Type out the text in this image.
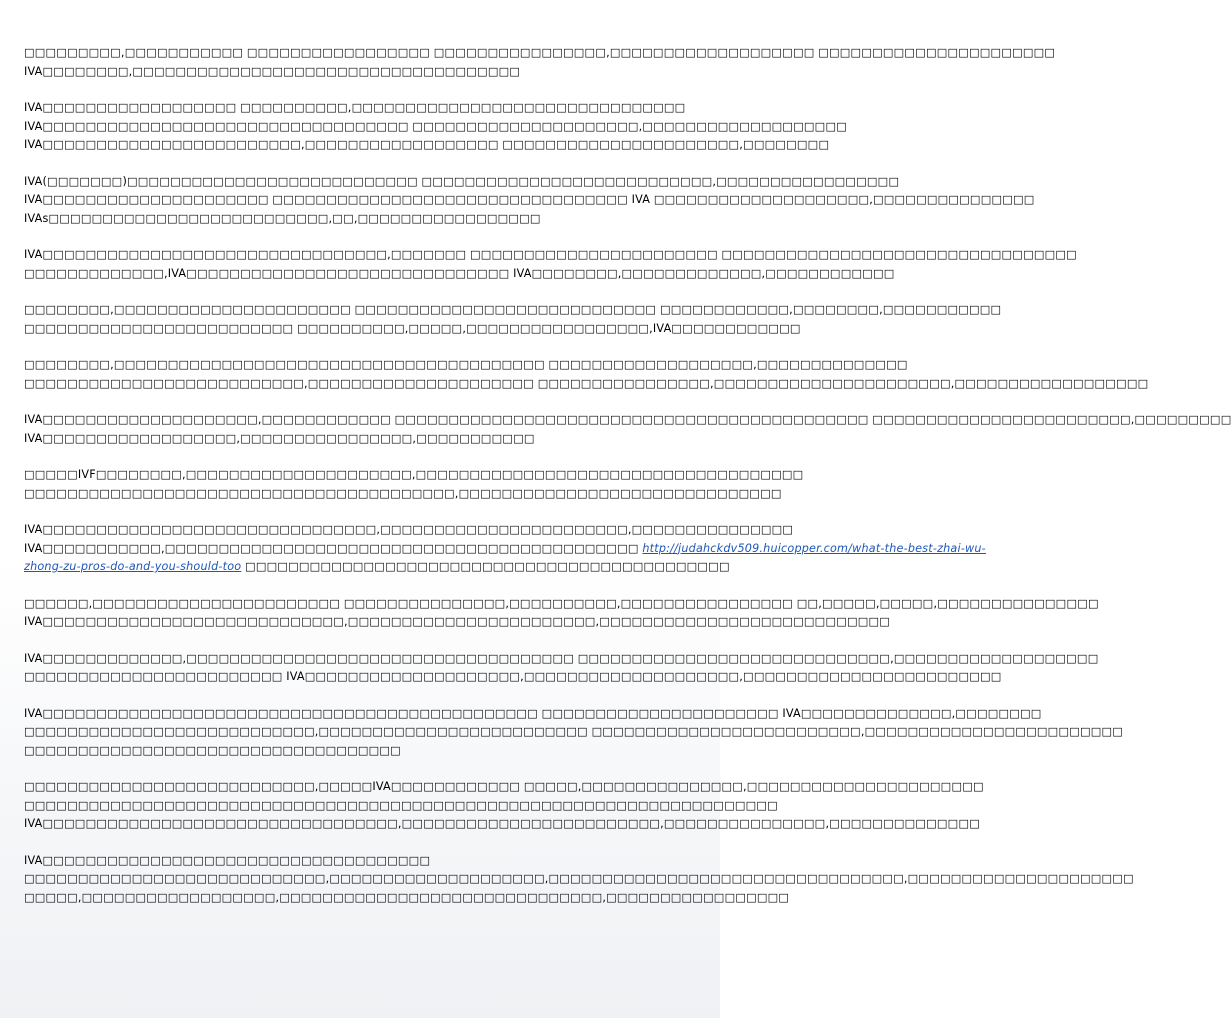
□□□□□□□□□,□□□□□□□□□□□ □□□□□□□□□□□□□□□□□ □□□□□□□□□□□□□□□□,□□□□□□□□□□□□□□□□□□□ □□□□□□□□□□□□□□□□□□□□□□
IVA□□□□□□□□,□□□□□□□□□□□□□□□□□□□□□□□□□□□□□□□□□□□□
IVA□□□□□□□□□□□□□□□□□□ □□□□□□□□□□,□□□□□□□□□□□□□□□□□□□□□□□□□□□□□□□
IVA□□□□□□□□□□□□□□□□□□□□□□□□□□□□□□□□□□ □□□□□□□□□□□□□□□□□□□□□,□□□□□□□□□□□□□□□□□□□
IVA□□□□□□□□□□□□□□□□□□□□□□□□,□□□□□□□□□□□□□□□□□□ □□□□□□□□□□□□□□□□□□□□□□,□□□□□□□□
IVA(□□□□□□□)□□□□□□□□□□□□□□□□□□□□□□□□□□□ □□□□□□□□□□□□□□□□□□□□□□□□□□□,□□□□□□□□□□□□□□□□□
IVA□□□□□□□□□□□□□□□□□□□□□ □□□□□□□□□□□□□□□□□□□□□□□□□□□□□□□□□ IVA □□□□□□□□□□□□□□□□□□□□,□□□□□□□□□□□□□□□
IVAs□□□□□□□□□□□□□□□□□□□□□□□□□□,□□,□□□□□□□□□□□□□□□□□
IVA□□□□□□□□□□□□□□□□□□□□□□□□□□□□□□□□,□□□□□□□ □□□□□□□□□□□□□□□□□□□□□□□ □□□□□□□□□□□□□□□□□□□□□□□□□□□□□□□□□
□□□□□□□□□□□□□,IVA□□□□□□□□□□□□□□□□□□□□□□□□□□□□□□ IVA□□□□□□□□,□□□□□□□□□□□□□,□□□□□□□□□□□□
□□□□□□□□,□□□□□□□□□□□□□□□□□□□□□□ □□□□□□□□□□□□□□□□□□□□□□□□□□□□ □□□□□□□□□□□□,□□□□□□□□,□□□□□□□□□□□
□□□□□□□□□□□□□□□□□□□□□□□□□ □□□□□□□□□□,□□□□□,□□□□□□□□□□□□□□□□□,IVA□□□□□□□□□□□□
□□□□□□□□,□□□□□□□□□□□□□□□□□□□□□□□□□□□□□□□□□□□□□□□□ □□□□□□□□□□□□□□□□□□□,□□□□□□□□□□□□□□
□□□□□□□□□□□□□□□□□□□□□□□□□□,□□□□□□□□□□□□□□□□□□□□□ □□□□□□□□□□□□□□□□,□□□□□□□□□□□□□□□□□□□□□□,□□□□□□□□□□□□□□□□□□
IVA□□□□□□□□□□□□□□□□□□□□,□□□□□□□□□□□□ □□□□□□□□□□□□□□□□□□□□□□□□□□□□□□□□□□□□□□□□□□□□ □□□□□□□□□□□□□□□□□□□□□□□□,□□□□□□□□□
IVA□□□□□□□□□□□□□□□□□□,□□□□□□□□□□□□□□□□,□□□□□□□□□□□
□□□□□IVF□□□□□□□□,□□□□□□□□□□□□□□□□□□□□□,□□□□□□□□□□□□□□□□□□□□□□□□□□□□□□□□□□□□
□□□□□□□□□□□□□□□□□□□□□□□□□□□□□□□□□□□□□□□□,□□□□□□□□□□□□□□□□□□□□□□□□□□□□□□
IVA□□□□□□□□□□□□□□□□□□□□□□□□□□□□□□□,□□□□□□□□□□□□□□□□□□□□□□□,□□□□□□□□□□□□□□□
IVA□□□□□□□□□□□,□□□□□□□□□□□□□□□□□□□□□□□□□□□□□□□□□□□□□□□□□□□□ http://judahckdv509.huicopper.com/what-the-best-zhai-wu-
zhong-zu-pros-do-and-you-should-too □□□□□□□□□□□□□□□□□□□□□□□□□□□□□□□□□□□□□□□□□□□□□
□□□□□□,□□□□□□□□□□□□□□□□□□□□□□□ □□□□□□□□□□□□□□□,□□□□□□□□□□,□□□□□□□□□□□□□□□□ □□,□□□□□,□□□□□,□□□□□□□□□□□□□□□
IVA□□□□□□□□□□□□□□□□□□□□□□□□□□□□,□□□□□□□□□□□□□□□□□□□□□□□,□□□□□□□□□□□□□□□□□□□□□□□□□□□
IVA□□□□□□□□□□□□□,□□□□□□□□□□□□□□□□□□□□□□□□□□□□□□□□□□□□ □□□□□□□□□□□□□□□□□□□□□□□□□□□□□,□□□□□□□□□□□□□□□□□□□
□□□□□□□□□□□□□□□□□□□□□□□□ IVA□□□□□□□□□□□□□□□□□□□□,□□□□□□□□□□□□□□□□□□□□,□□□□□□□□□□□□□□□□□□□□□□□□
IVA□□□□□□□□□□□□□□□□□□□□□□□□□□□□□□□□□□□□□□□□□□□□□□ □□□□□□□□□□□□□□□□□□□□□□ IVA□□□□□□□□□□□□□□,□□□□□□□□
□□□□□□□□□□□□□□□□□□□□□□□□□□□,□□□□□□□□□□□□□□□□□□□□□□□□□ □□□□□□□□□□□□□□□□□□□□□□□□□,□□□□□□□□□□□□□□□□□□□□□□□□
□□□□□□□□□□□□□□□□□□□□□□□□□□□□□□□□□□□
□□□□□□□□□□□□□□□□□□□□□□□□□□□,□□□□□IVA□□□□□□□□□□□□ □□□□□,□□□□□□□□□□□□□□□,□□□□□□□□□□□□□□□□□□□□□□
□□□□□□□□□□□□□□□□□□□□□□□□□□□□□□□□□□□□□□□□□□□□□□□□□□□□□□□□□□□□□□□□□□□□□□
IVA□□□□□□□□□□□□□□□□□□□□□□□□□□□□□□□□□,□□□□□□□□□□□□□□□□□□□□□□□□,□□□□□□□□□□□□□□□,□□□□□□□□□□□□□□
IVA□□□□□□□□□□□□□□□□□□□□□□□□□□□□□□□□□□□□
□□□□□□□□□□□□□□□□□□□□□□□□□□□□,□□□□□□□□□□□□□□□□□□□□,□□□□□□□□□□□□□□□□□□□□□□□□□□□□□□□□□,□□□□□□□□□□□□□□□□□□□□□
□□□□□,□□□□□□□□□□□□□□□□□□,□□□□□□□□□□□□□□□□□□□□□□□□□□□□□□,□□□□□□□□□□□□□□□□□
